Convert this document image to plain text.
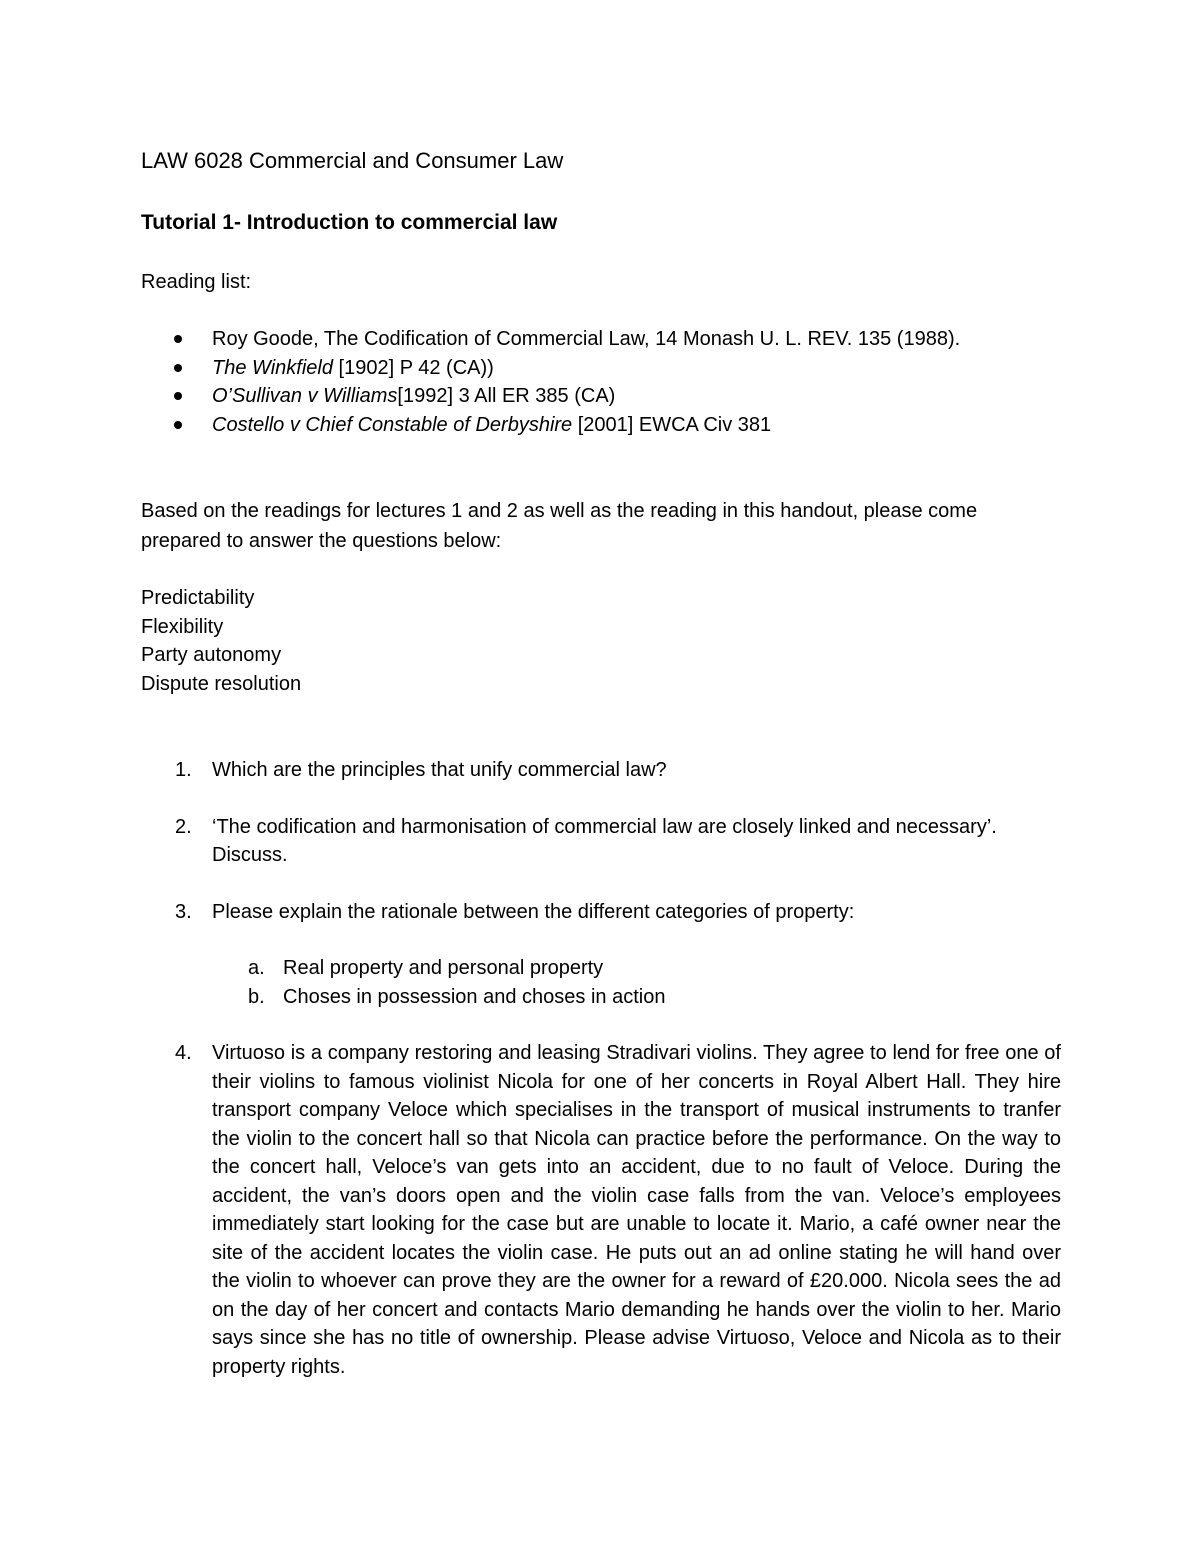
LAW 6028 Commercial and Consumer Law
Tutorial 1- Introduction to commercial law
Reading list:
Roy Goode, The Codification of Commercial Law, 14 Monash U. L. REV. 135 (1988).
The Winkfield [1902] P 42 (CA))
O’Sullivan v Williams[1992] 3 All ER 385 (CA)
Costello v Chief Constable of Derbyshire [2001] EWCA Civ 381
Based on the readings for lectures 1 and 2 as well as the reading in this handout, please come prepared to answer the questions below:
Predictability
Flexibility
Party autonomy
Dispute resolution
1. Which are the principles that unify commercial law?
2. ‘The codification and harmonisation of commercial law are closely linked and necessary’. Discuss.
3. Please explain the rationale between the different categories of property:
a. Real property and personal property
b. Choses in possession and choses in action
4. Virtuoso is a company restoring and leasing Stradivari violins. They agree to lend for free one of their violins to famous violinist Nicola for one of her concerts in Royal Albert Hall. They hire transport company Veloce which specialises in the transport of musical instruments to tranfer the violin to the concert hall so that Nicola can practice before the performance. On the way to the concert hall, Veloce’s van gets into an accident, due to no fault of Veloce. During the accident, the van’s doors open and the violin case falls from the van. Veloce’s employees immediately start looking for the case but are unable to locate it. Mario, a café owner near the site of the accident locates the violin case. He puts out an ad online stating he will hand over the violin to whoever can prove they are the owner for a reward of £20.000. Nicola sees the ad on the day of her concert and contacts Mario demanding he hands over the violin to her. Mario says since she has no title of ownership. Please advise Virtuoso, Veloce and Nicola as to their property rights.
